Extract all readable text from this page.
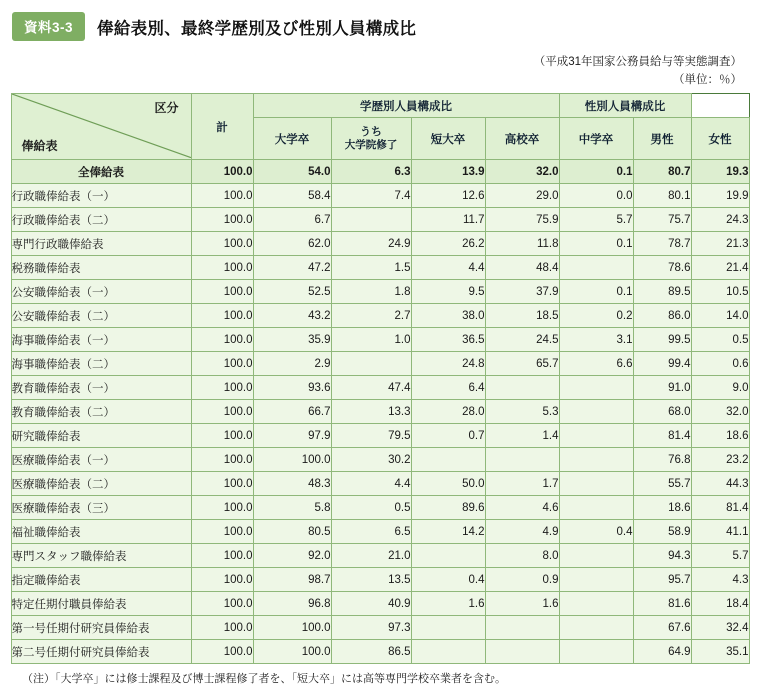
資料3-3	俸給表別、最終学歴別及び性別人員構成比
（平成31年国家公務員給与等実態調査）
（単位：％）
区分
俸給表	計	学歴別人員構成比				性別人員構成比		
		大学卒	うち
大学院修了	短大卒	高校卒	中学卒	男性	女性
全俸給表	100.0	54.0	6.3	13.9	32.0	0.1	80.7	19.3
行政職俸給表（一）	100.0	58.4	7.4	12.6	29.0	0.0	80.1	19.9
行政職俸給表（二）	100.0	6.7		11.7	75.9	5.7	75.7	24.3
専門行政職俸給表	100.0	62.0	24.9	26.2	11.8	0.1	78.7	21.3
税務職俸給表	100.0	47.2	1.5	4.4	48.4		78.6	21.4
公安職俸給表（一）	100.0	52.5	1.8	9.5	37.9	0.1	89.5	10.5
公安職俸給表（二）	100.0	43.2	2.7	38.0	18.5	0.2	86.0	14.0
海事職俸給表（一）	100.0	35.9	1.0	36.5	24.5	3.1	99.5	0.5
海事職俸給表（二）	100.0	2.9		24.8	65.7	6.6	99.4	0.6
教育職俸給表（一）	100.0	93.6	47.4	6.4			91.0	9.0
教育職俸給表（二）	100.0	66.7	13.3	28.0	5.3		68.0	32.0
研究職俸給表	100.0	97.9	79.5	0.7	1.4		81.4	18.6
医療職俸給表（一）	100.0	100.0	30.2				76.8	23.2
医療職俸給表（二）	100.0	48.3	4.4	50.0	1.7		55.7	44.3
医療職俸給表（三）	100.0	5.8	0.5	89.6	4.6		18.6	81.4
福祉職俸給表	100.0	80.5	6.5	14.2	4.9	0.4	58.9	41.1
専門スタッフ職俸給表	100.0	92.0	21.0		8.0		94.3	5.7
指定職俸給表	100.0	98.7	13.5	0.4	0.9		95.7	4.3
特定任期付職員俸給表	100.0	96.8	40.9	1.6	1.6		81.6	18.4
第一号任期付研究員俸給表	100.0	100.0	97.3				67.6	32.4
第二号任期付研究員俸給表	100.0	100.0	86.5				64.9	35.1
（注）「大学卒」には修士課程及び博士課程修了者を、「短大卒」には高等専門学校卒業者を含む。
